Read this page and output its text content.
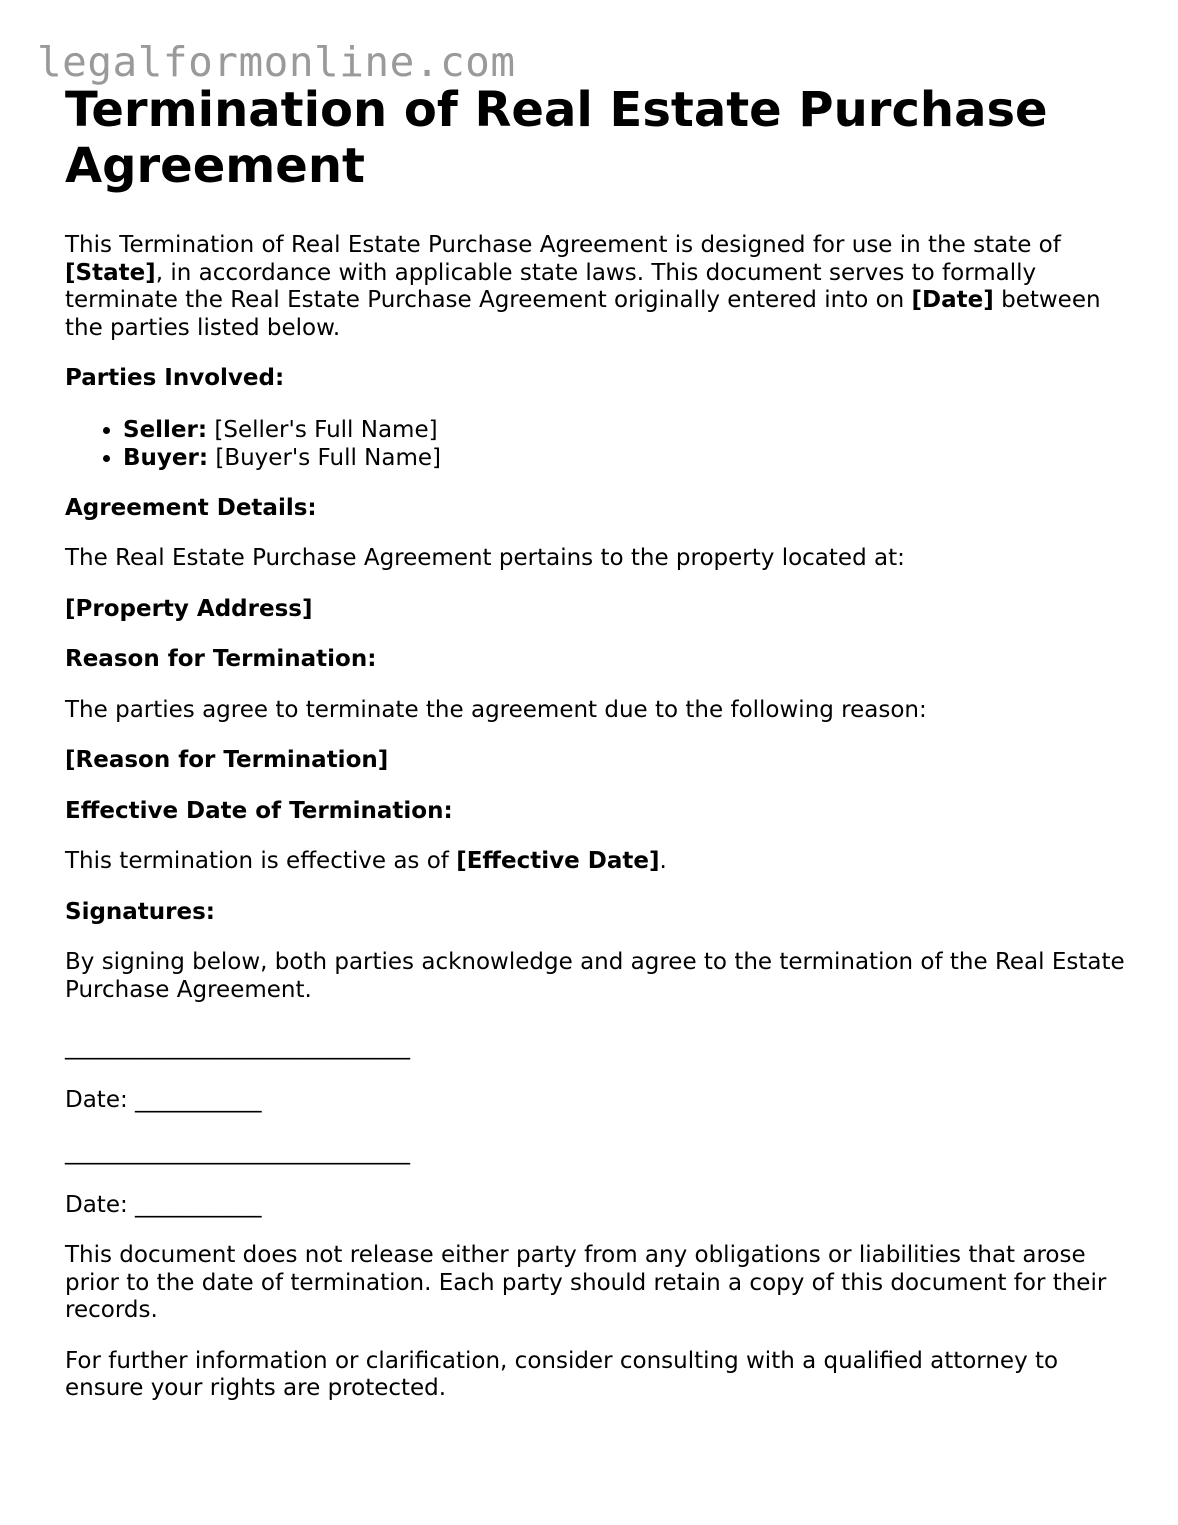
legalformonline.com
Termination of Real Estate Purchase Agreement

This Termination of Real Estate Purchase Agreement is designed for use in the state of [State], in accordance with applicable state laws. This document serves to formally terminate the Real Estate Purchase Agreement originally entered into on [Date] between the parties listed below.

Parties Involved:

• Seller: [Seller's Full Name]
• Buyer: [Buyer's Full Name]

Agreement Details:

The Real Estate Purchase Agreement pertains to the property located at:

[Property Address]

Reason for Termination:

The parties agree to terminate the agreement due to the following reason:

[Reason for Termination]

Effective Date of Termination:

This termination is effective as of [Effective Date].

Signatures:

By signing below, both parties acknowledge and agree to the termination of the Real Estate Purchase Agreement.

______________________________

Date: ___________

______________________________

Date: ___________

This document does not release either party from any obligations or liabilities that arose prior to the date of termination. Each party should retain a copy of this document for their records.

For further information or clarification, consider consulting with a qualified attorney to ensure your rights are protected.
